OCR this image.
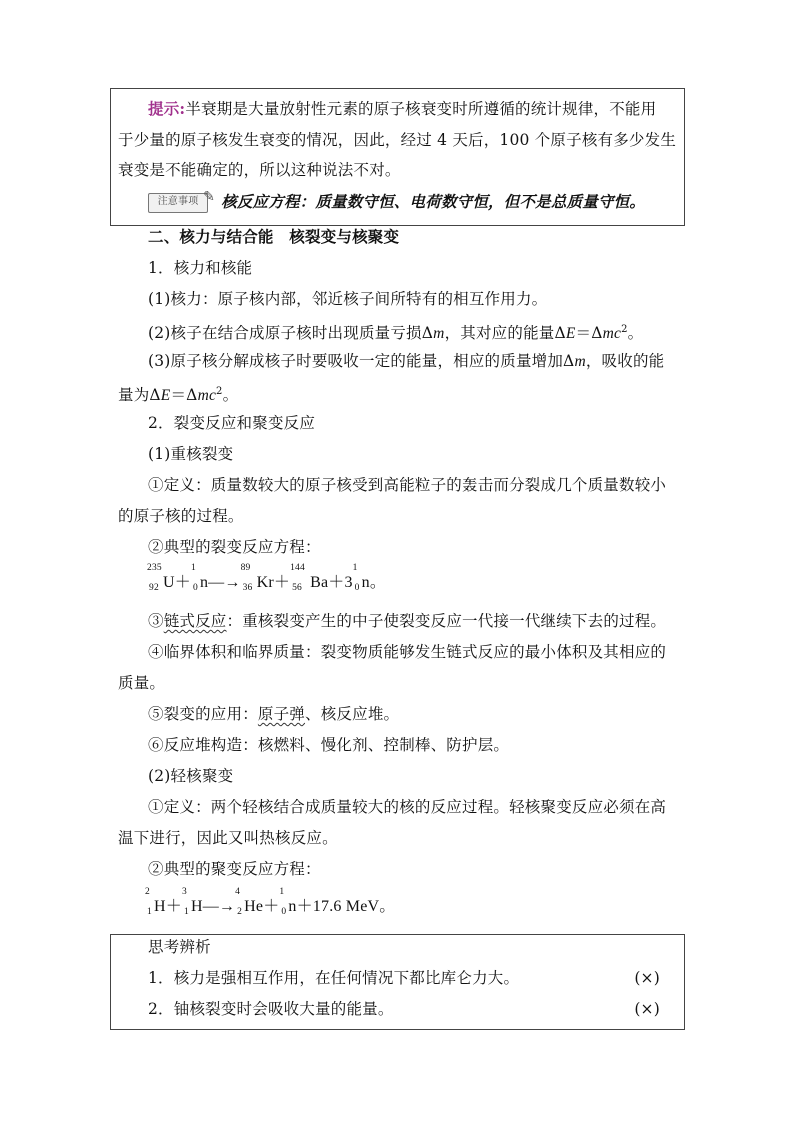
提示:半衰期是大量放射性元素的原子核衰变时所遵循的统计规律，不能用
于少量的原子核发生衰变的情况，因此，经过 4 天后，100 个原子核有多少发生
衰变是不能确定的，所以这种说法不对。
注意事项 ✎ 核反应方程：质量数守恒、电荷数守恒，但不是总质量守恒。
二、核力与结合能　核裂变与核聚变
1．核力和核能
(1)核力：原子核内部，邻近核子间所特有的相互作用力。
(2)核子在结合成原子核时出现质量亏损Δm，其对应的能量ΔE＝Δmc$^2$。
(3)原子核分解成核子时要吸收一定的能量，相应的质量增加Δm，吸收的能
量为ΔE＝Δmc$^2$。
2．裂变反应和聚变反应
(1)重核裂变
①定义：质量数较大的原子核受到高能粒子的轰击而分裂成几个质量数较小
的原子核的过程。
②典型的裂变反应方程：
235
92 U＋
1
0 n―→
89
36 Kr＋
144
56 Ba＋3
1
0 n。
③链式反应：重核裂变产生的中子使裂变反应一代接一代继续下去的过程。
④临界体积和临界质量：裂变物质能够发生链式反应的最小体积及其相应的
质量。
⑤裂变的应用：原子弹、核反应堆。
⑥反应堆构造：核燃料、慢化剂、控制棒、防护层。
(2)轻核聚变
①定义：两个轻核结合成质量较大的核的反应过程。轻核聚变反应必须在高
温下进行，因此又叫热核反应。
②典型的聚变反应方程：
2
1 H＋
3
1 H―→
4
2 He＋
1
0 n＋17.6 MeV。
思考辨析
1．核力是强相互作用，在任何情况下都比库仑力大。	(×)
2．铀核裂变时会吸收大量的能量。	(×)
